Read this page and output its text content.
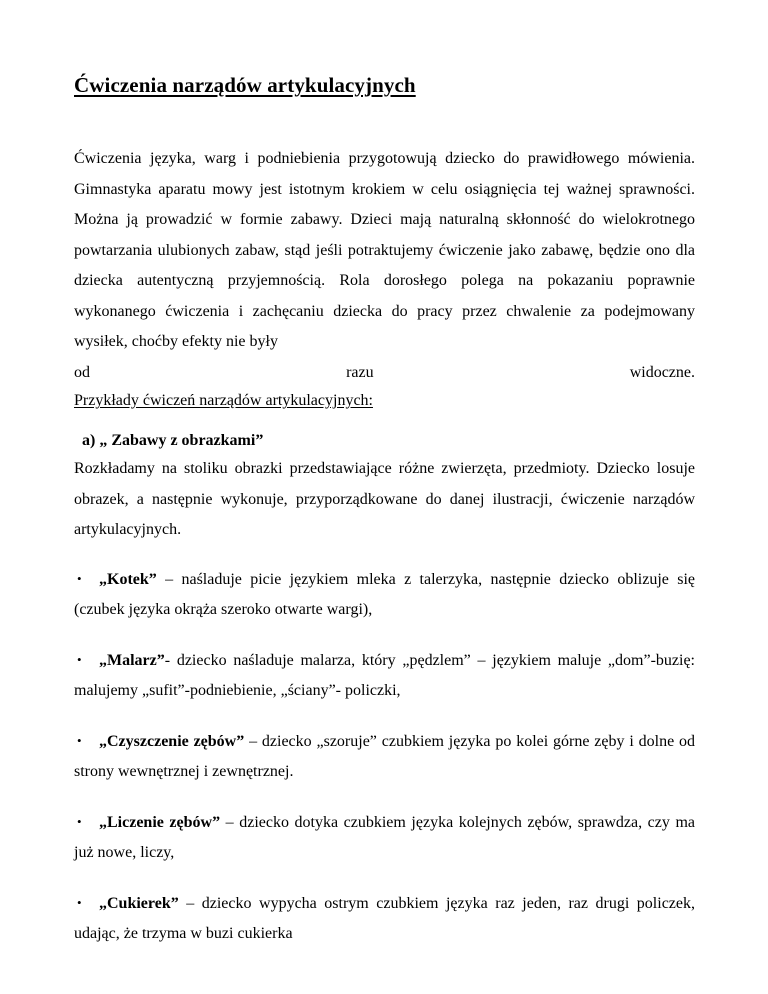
Ćwiczenia narządów artykulacyjnych
Ćwiczenia języka, warg i podniebienia przygotowują dziecko do prawidłowego mówienia. Gimnastyka aparatu mowy jest istotnym krokiem w celu osiągnięcia tej ważnej sprawności. Można ją prowadzić w formie zabawy. Dzieci mają naturalną skłonność do wielokrotnego powtarzania ulubionych zabaw, stąd jeśli potraktujemy ćwiczenie jako zabawę, będzie ono dla dziecka autentyczną przyjemnością. Rola dorosłego polega na pokazaniu poprawnie wykonanego ćwiczenia i zachęcaniu dziecka do pracy przez chwalenie za podejmowany wysiłek, choćby efekty nie były
od razu widoczne.

Przykłady ćwiczeń narządów artykulacyjnych:

a) „ Zabawy z obrazkami”

Rozkładamy na stoliku obrazki przedstawiające różne zwierzęta, przedmioty. Dziecko losuje obrazek, a następnie wykonuje, przyporządkowane do danej ilustracji, ćwiczenie narządów artykulacyjnych.

• „Kotek” – naśladuje picie językiem mleka z talerzyka, następnie dziecko oblizuje się (czubek języka okrąża szeroko otwarte wargi),
• „Malarz”- dziecko naśladuje malarza, który „pędzlem” – językiem maluje „dom”-buzię: malujemy „sufit”-podniebienie, „ściany”- policzki,
• „Czyszczenie zębów” – dziecko „szoruje” czubkiem języka po kolei górne zęby i dolne od strony wewnętrznej i zewnętrznej.
• „Liczenie zębów” – dziecko dotyka czubkiem języka kolejnych zębów, sprawdza, czy ma już nowe, liczy,
• „Cukierek” – dziecko wypycha ostrym czubkiem języka raz jeden, raz drugi policzek, udając, że trzyma w buzi cukierka
